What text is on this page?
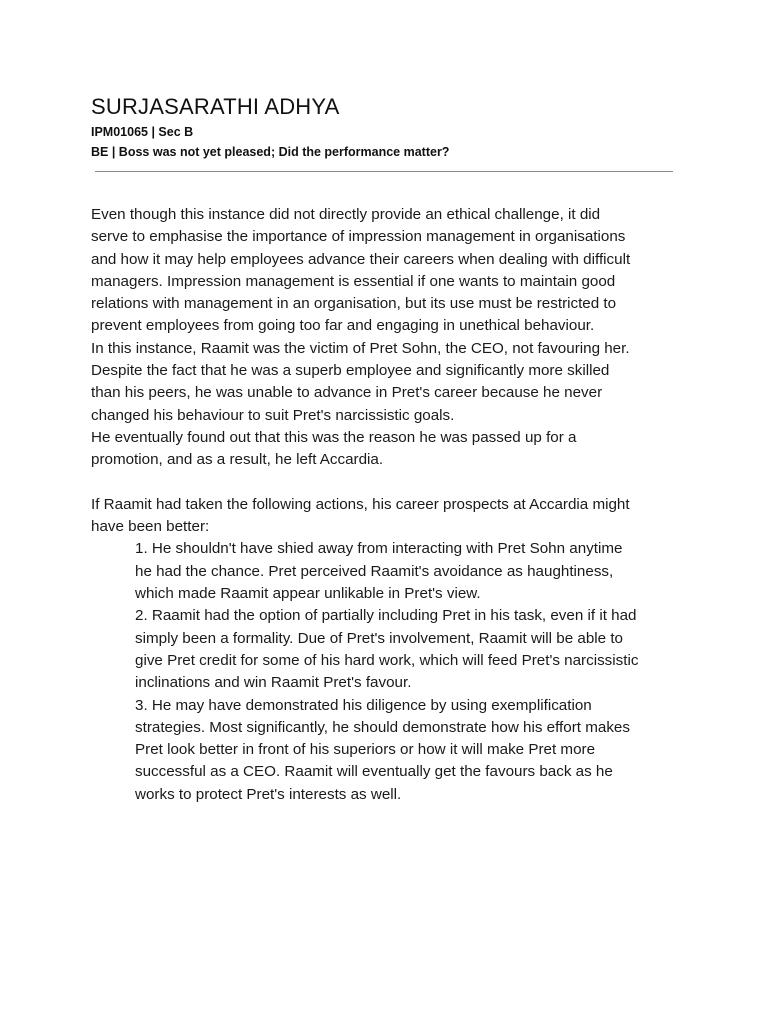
SURJASARATHI ADHYA

IPM01065 | Sec B

BE | Boss was not yet pleased; Did the performance matter?

Even though this instance did not directly provide an ethical challenge, it did
serve to emphasise the importance of impression management in organisations
and how it may help employees advance their careers when dealing with difficult
managers. Impression management is essential if one wants to maintain good
relations with management in an organisation, but its use must be restricted to
prevent employees from going too far and engaging in unethical behaviour.
In this instance, Raamit was the victim of Pret Sohn, the CEO, not favouring her.
Despite the fact that he was a superb employee and significantly more skilled
than his peers, he was unable to advance in Pret's career because he never
changed his behaviour to suit Pret's narcissistic goals.
He eventually found out that this was the reason he was passed up for a
promotion, and as a result, he left Accardia.
If Raamit had taken the following actions, his career prospects at Accardia might
have been better:
1. He shouldn't have shied away from interacting with Pret Sohn anytime
he had the chance. Pret perceived Raamit's avoidance as haughtiness,
which made Raamit appear unlikable in Pret's view.
2. Raamit had the option of partially including Pret in his task, even if it had
simply been a formality. Due of Pret's involvement, Raamit will be able to
give Pret credit for some of his hard work, which will feed Pret's narcissistic
inclinations and win Raamit Pret's favour.
3. He may have demonstrated his diligence by using exemplification
strategies. Most significantly, he should demonstrate how his effort makes
Pret look better in front of his superiors or how it will make Pret more
successful as a CEO. Raamit will eventually get the favours back as he
works to protect Pret's interests as well.
